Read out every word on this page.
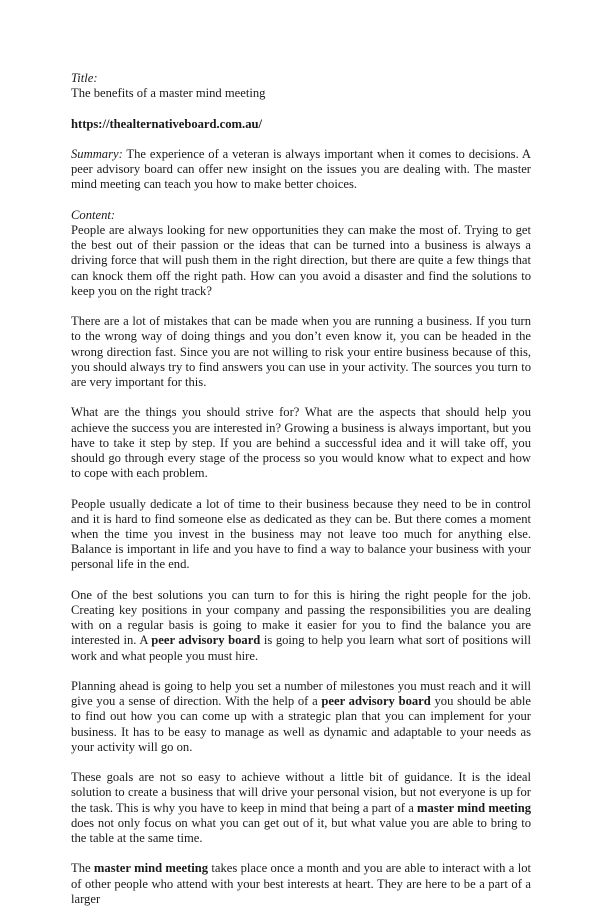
Title:
The benefits of a master mind meeting
https://thealternativeboard.com.au/

Summary: The experience of a veteran is always important when it comes to decisions. A peer advisory board can offer new insight on the issues you are dealing with. The master mind meeting can teach you how to make better choices.

Content:

People are always looking for new opportunities they can make the most of. Trying to get the best out of their passion or the ideas that can be turned into a business is always a driving force that will push them in the right direction, but there are quite a few things that can knock them off the right path. How can you avoid a disaster and find the solutions to keep you on the right track?

There are a lot of mistakes that can be made when you are running a business. If you turn to the wrong way of doing things and you don’t even know it, you can be headed in the wrong direction fast. Since you are not willing to risk your entire business because of this, you should always try to find answers you can use in your activity. The sources you turn to are very important for this.

What are the things you should strive for? What are the aspects that should help you achieve the success you are interested in? Growing a business is always important, but you have to take it step by step. If you are behind a successful idea and it will take off, you should go through every stage of the process so you would know what to expect and how to cope with each problem.

People usually dedicate a lot of time to their business because they need to be in control and it is hard to find someone else as dedicated as they can be. But there comes a moment when the time you invest in the business may not leave too much for anything else. Balance is important in life and you have to find a way to balance your business with your personal life in the end.

One of the best solutions you can turn to for this is hiring the right people for the job. Creating key positions in your company and passing the responsibilities you are dealing with on a regular basis is going to make it easier for you to find the balance you are interested in. A peer advisory board is going to help you learn what sort of positions will work and what people you must hire.

Planning ahead is going to help you set a number of milestones you must reach and it will give you a sense of direction. With the help of a peer advisory board you should be able to find out how you can come up with a strategic plan that you can implement for your business. It has to be easy to manage as well as dynamic and adaptable to your needs as your activity will go on.

These goals are not so easy to achieve without a little bit of guidance. It is the ideal solution to create a business that will drive your personal vision, but not everyone is up for the task. This is why you have to keep in mind that being a part of a master mind meeting does not only focus on what you can get out of it, but what value you are able to bring to the table at the same time.

The master mind meeting takes place once a month and you are able to interact with a lot of other people who attend with your best interests at heart. They are here to be a part of a larger
